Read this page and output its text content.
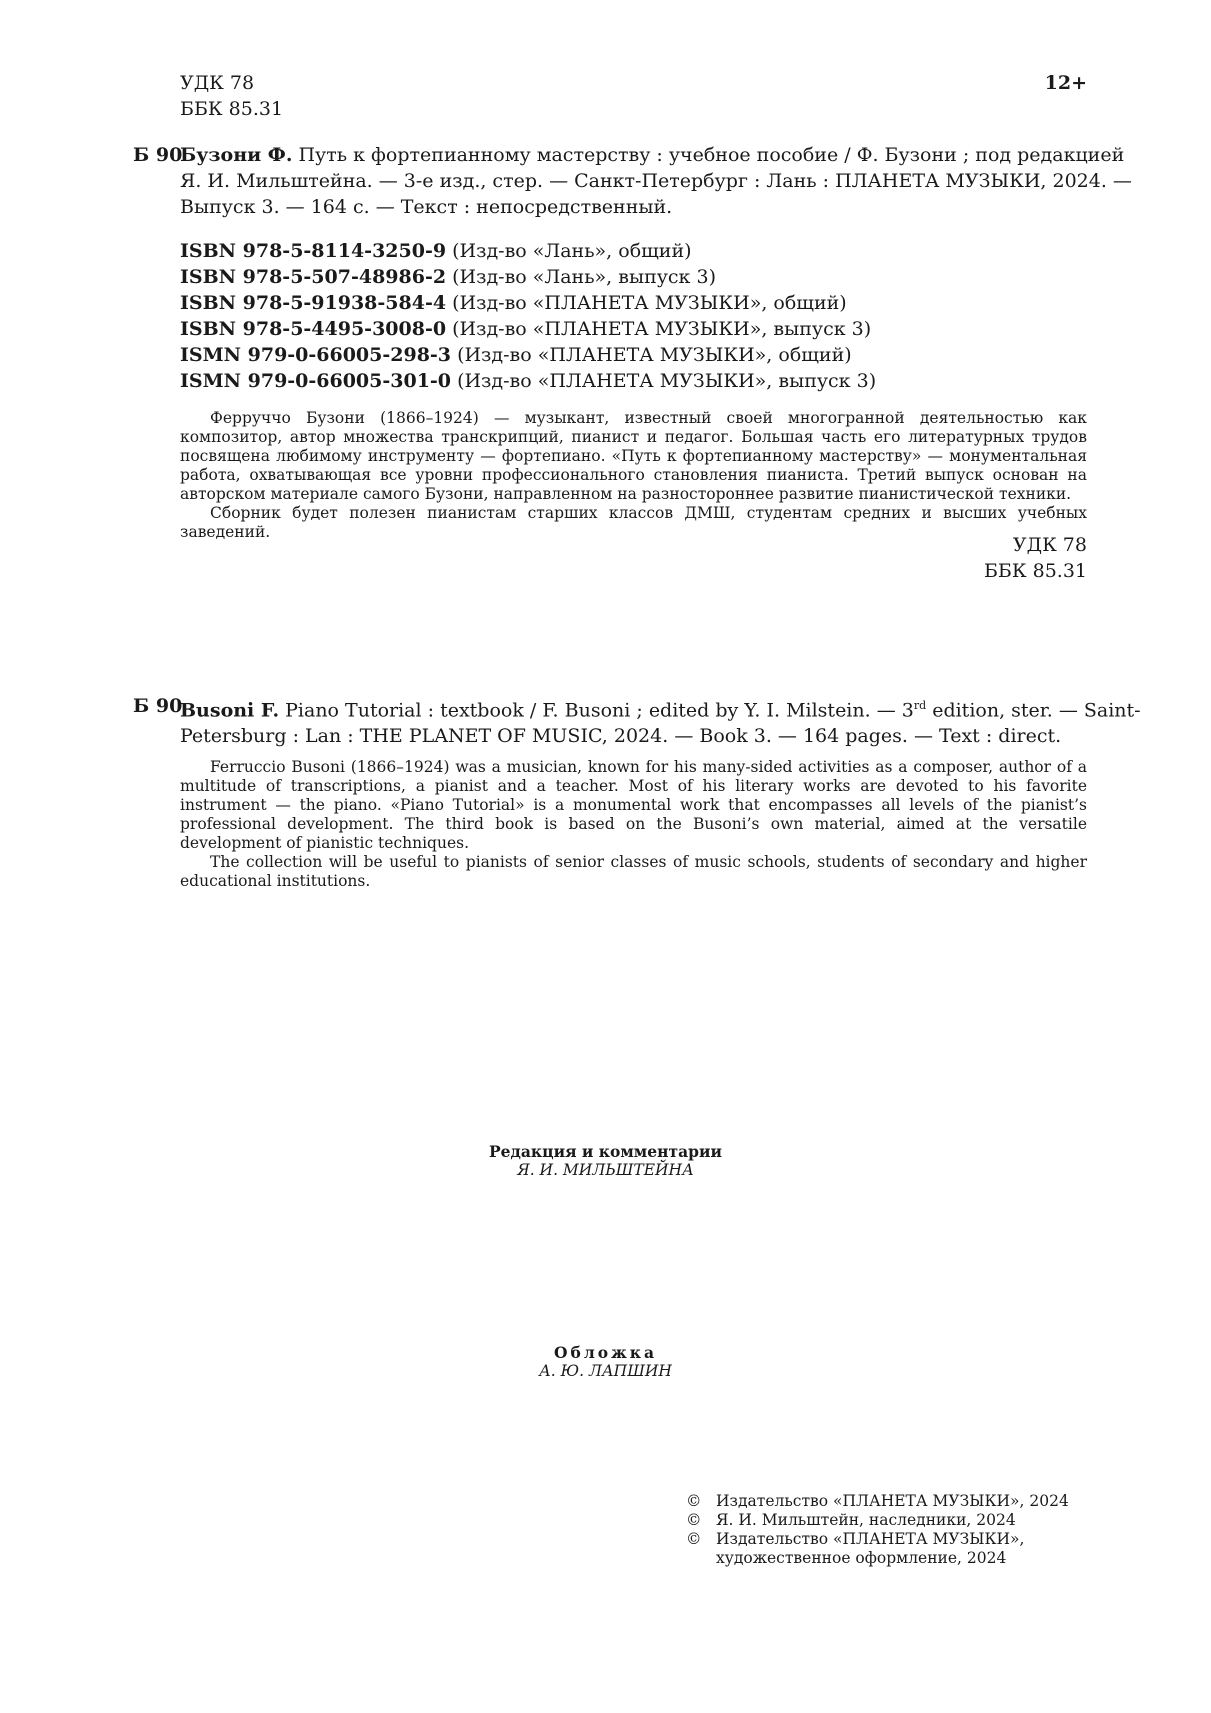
УДК 78
ББК 85.31
12+
Б 90
Бузони Ф. Путь к фортепианному мастерству : учебное пособие / Ф. Бузони ; под редакцией
Я. И. Мильштейна. — 3-е изд., стер. — Санкт-Петербург : Лань : ПЛАНЕТА МУЗЫКИ, 2024. —
Выпуск 3. — 164 с. — Текст : непосредственный.
ISBN 978-5-8114-3250-9 (Изд-во «Лань», общий)
ISBN 978-5-507-48986-2 (Изд-во «Лань», выпуск 3)
ISBN 978-5-91938-584-4 (Изд-во «ПЛАНЕТА МУЗЫКИ», общий)
ISBN 978-5-4495-3008-0 (Изд-во «ПЛАНЕТА МУЗЫКИ», выпуск 3)
ISMN 979-0-66005-298-3 (Изд-во «ПЛАНЕТА МУЗЫКИ», общий)
ISMN 979-0-66005-301-0 (Изд-во «ПЛАНЕТА МУЗЫКИ», выпуск 3)

Ферруччо Бузони (1866–1924) — музыкант, известный своей многогранной деятельностью как композитор, автор множества транскрипций, пианист и педагог. Большая часть его литературных трудов посвящена любимому инструменту — фортепиано. «Путь к фортепианному мастерству» — монументальная работа, охватывающая все уровни профессионального становления пианиста. Третий выпуск основан на авторском материале самого Бузони, направленном на разностороннее развитие пианистической техники.

Сборник будет полезен пианистам старших классов ДМШ, студентам средних и высших учебных заведений.

УДК 78
ББК 85.31
Б 90
Busoni F. Piano Tutorial : textbook / F. Busoni ; edited by Y. I. Milstein. — 3rd edition, ster. — Saint-
Petersburg : Lan : THE PLANET OF MUSIC, 2024. — Book 3. — 164 pages. — Text : direct.

Ferruccio Busoni (1866–1924) was a musician, known for his many-sided activities as a composer, author of a multitude of transcriptions, a pianist and a teacher. Most of his literary works are devoted to his favorite instrument — the piano. «Piano Tutorial» is a monumental work that encompasses all levels of the pianist’s professional development. The third book is based on the Busoni’s own material, aimed at the versatile development of pianistic techniques.

The collection will be useful to pianists of senior classes of music schools, students of secondary and higher educational institutions.

Редакция и комментарии
Я. И. МИЛЬШТЕЙНА
Обложка
А. Ю. ЛАПШИН
© Издательство «ПЛАНЕТА МУЗЫКИ», 2024
© Я. И. Мильштейн, наследники, 2024
© Издательство «ПЛАНЕТА МУЗЫКИ»,
художественное оформление, 2024
